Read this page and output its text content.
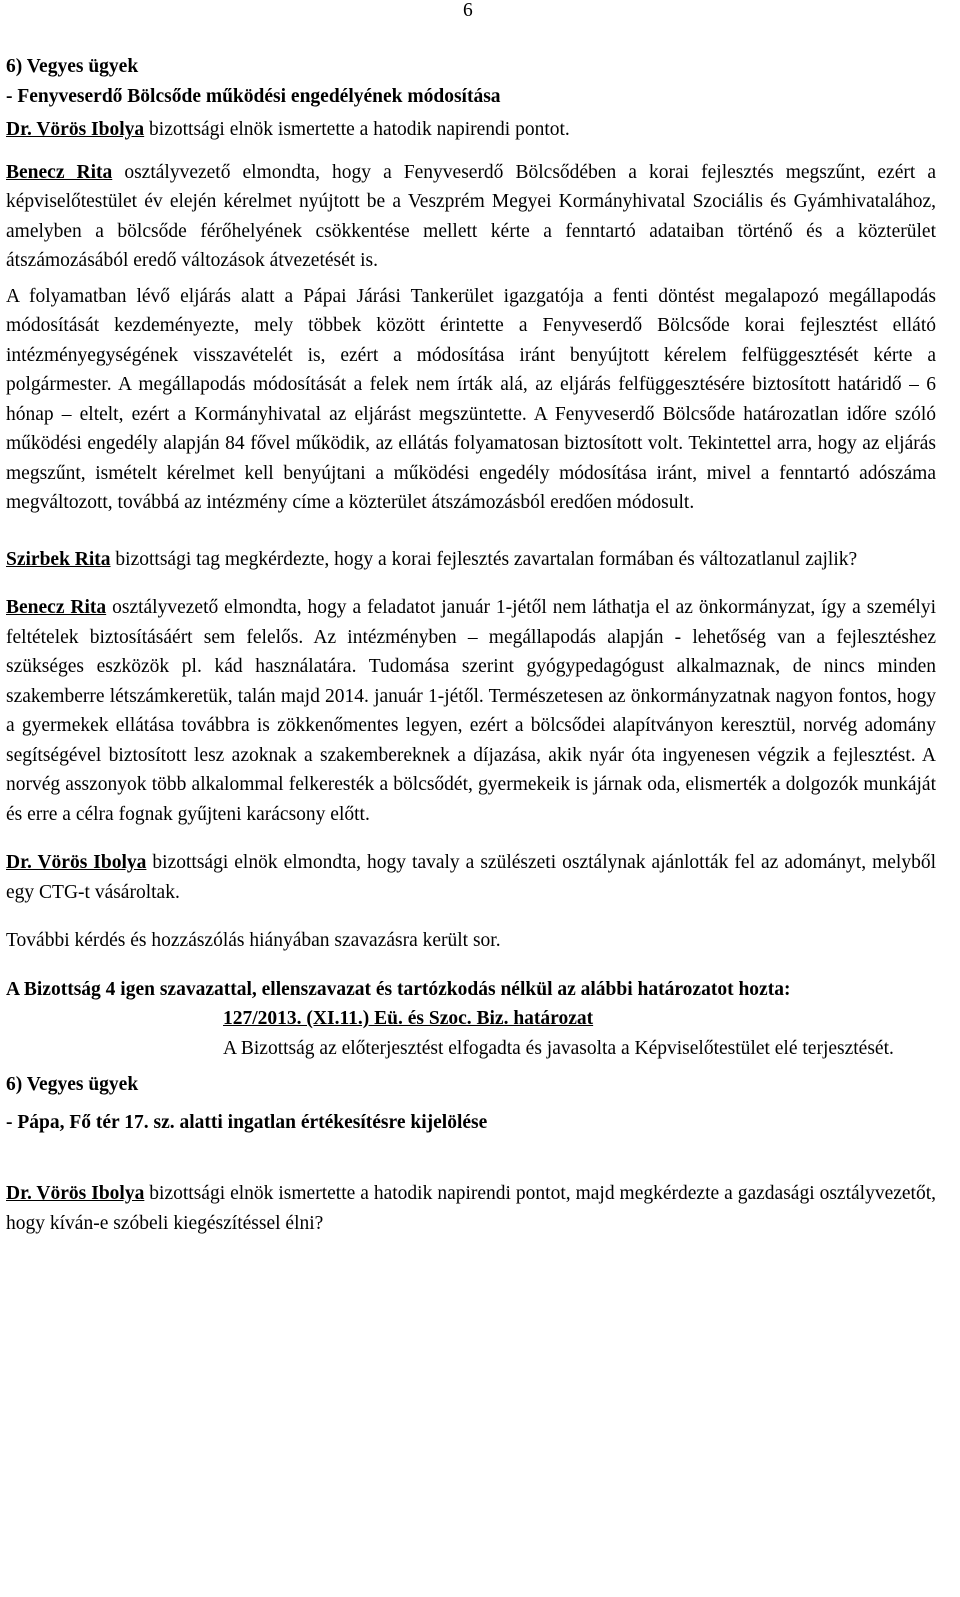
6

6) Vegyes ügyek

- Fenyveserdő Bölcsőde működési engedélyének módosítása

Dr. Vörös Ibolya bizottsági elnök ismertette a hatodik napirendi pontot.

Benecz Rita osztályvezető elmondta, hogy a Fenyveserdő Bölcsődében a korai fejlesztés megszűnt, ezért a képviselőtestület év elején kérelmet nyújtott be a Veszprém Megyei Kormányhivatal Szociális és Gyámhivatalához, amelyben a bölcsőde férőhelyének csökkentése mellett kérte a fenntartó adataiban történő és a közterület átszámozásából eredő változások átvezetését is.

A folyamatban lévő eljárás alatt a Pápai Járási Tankerület igazgatója a fenti döntést megalapozó megállapodás módosítását kezdeményezte, mely többek között érintette a Fenyveserdő Bölcsőde korai fejlesztést ellátó intézményegységének visszavételét is, ezért a módosítása iránt benyújtott kérelem felfüggesztését kérte a polgármester. A megállapodás módosítását a felek nem írták alá, az eljárás felfüggesztésére biztosított határidő – 6 hónap – eltelt, ezért a Kormányhivatal az eljárást megszüntette. A Fenyveserdő Bölcsőde határozatlan időre szóló működési engedély alapján 84 fővel működik, az ellátás folyamatosan biztosított volt. Tekintettel arra, hogy az eljárás megszűnt, ismételt kérelmet kell benyújtani a működési engedély módosítása iránt, mivel a fenntartó adószáma megváltozott, továbbá az intézmény címe a közterület átszámozásból eredően módosult.

Szirbek Rita bizottsági tag megkérdezte, hogy a korai fejlesztés zavartalan formában és változatlanul zajlik?

Benecz Rita osztályvezető elmondta, hogy a feladatot január 1-jétől nem láthatja el az önkormányzat, így a személyi feltételek biztosításáért sem felelős. Az intézményben – megállapodás alapján - lehetőség van a fejlesztéshez szükséges eszközök pl. kád használatára. Tudomása szerint gyógypedagógust alkalmaznak, de nincs minden szakemberre létszámkeretük, talán majd 2014. január 1-jétől. Természetesen az önkormányzatnak nagyon fontos, hogy a gyermekek ellátása továbbra is zökkenőmentes legyen, ezért a bölcsődei alapítványon keresztül, norvég adomány segítségével biztosított lesz azoknak a szakembereknek a díjazása, akik nyár óta ingyenesen végzik a fejlesztést. A norvég asszonyok több alkalommal felkeresték a bölcsődét, gyermekeik is járnak oda, elismerték a dolgozók munkáját és erre a célra fognak gyűjteni karácsony előtt.

Dr. Vörös Ibolya bizottsági elnök elmondta, hogy tavaly a szülészeti osztálynak ajánlották fel az adományt, melyből egy CTG-t vásároltak.

További kérdés és hozzászólás hiányában szavazásra került sor.

A Bizottság 4 igen szavazattal, ellenszavazat és tartózkodás nélkül az alábbi határozatot hozta:

127/2013. (XI.11.) Eü. és Szoc. Biz. határozat

A Bizottság az előterjesztést elfogadta és javasolta a Képviselőtestület elé terjesztését.

6) Vegyes ügyek

- Pápa, Fő tér 17. sz. alatti ingatlan értékesítésre kijelölése

Dr. Vörös Ibolya bizottsági elnök ismertette a hatodik napirendi pontot, majd megkérdezte a gazdasági osztályvezetőt, hogy kíván-e szóbeli kiegészítéssel élni?
